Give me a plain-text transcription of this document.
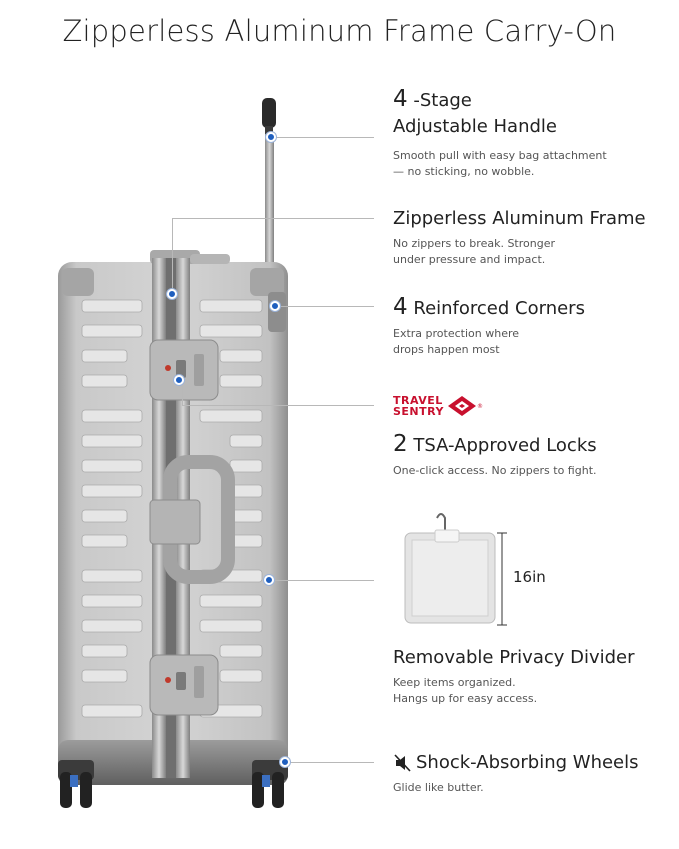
Zipperless Aluminum Frame Carry-On
4 -Stage
Adjustable Handle
Smooth pull with easy bag attachment
— no sticking, no wobble.
Zipperless Aluminum Frame
No zippers to break. Stronger
under pressure and impact.
4 Reinforced Corners
Extra protection where
drops happen most
TRAVEL
SENTRY	®
2 TSA-Approved Locks
One-click access. No zippers to fight.
16in
Removable Privacy Divider
Keep items organized.
Hangs up for easy access.
Shock-Absorbing Wheels
Glide like butter.
